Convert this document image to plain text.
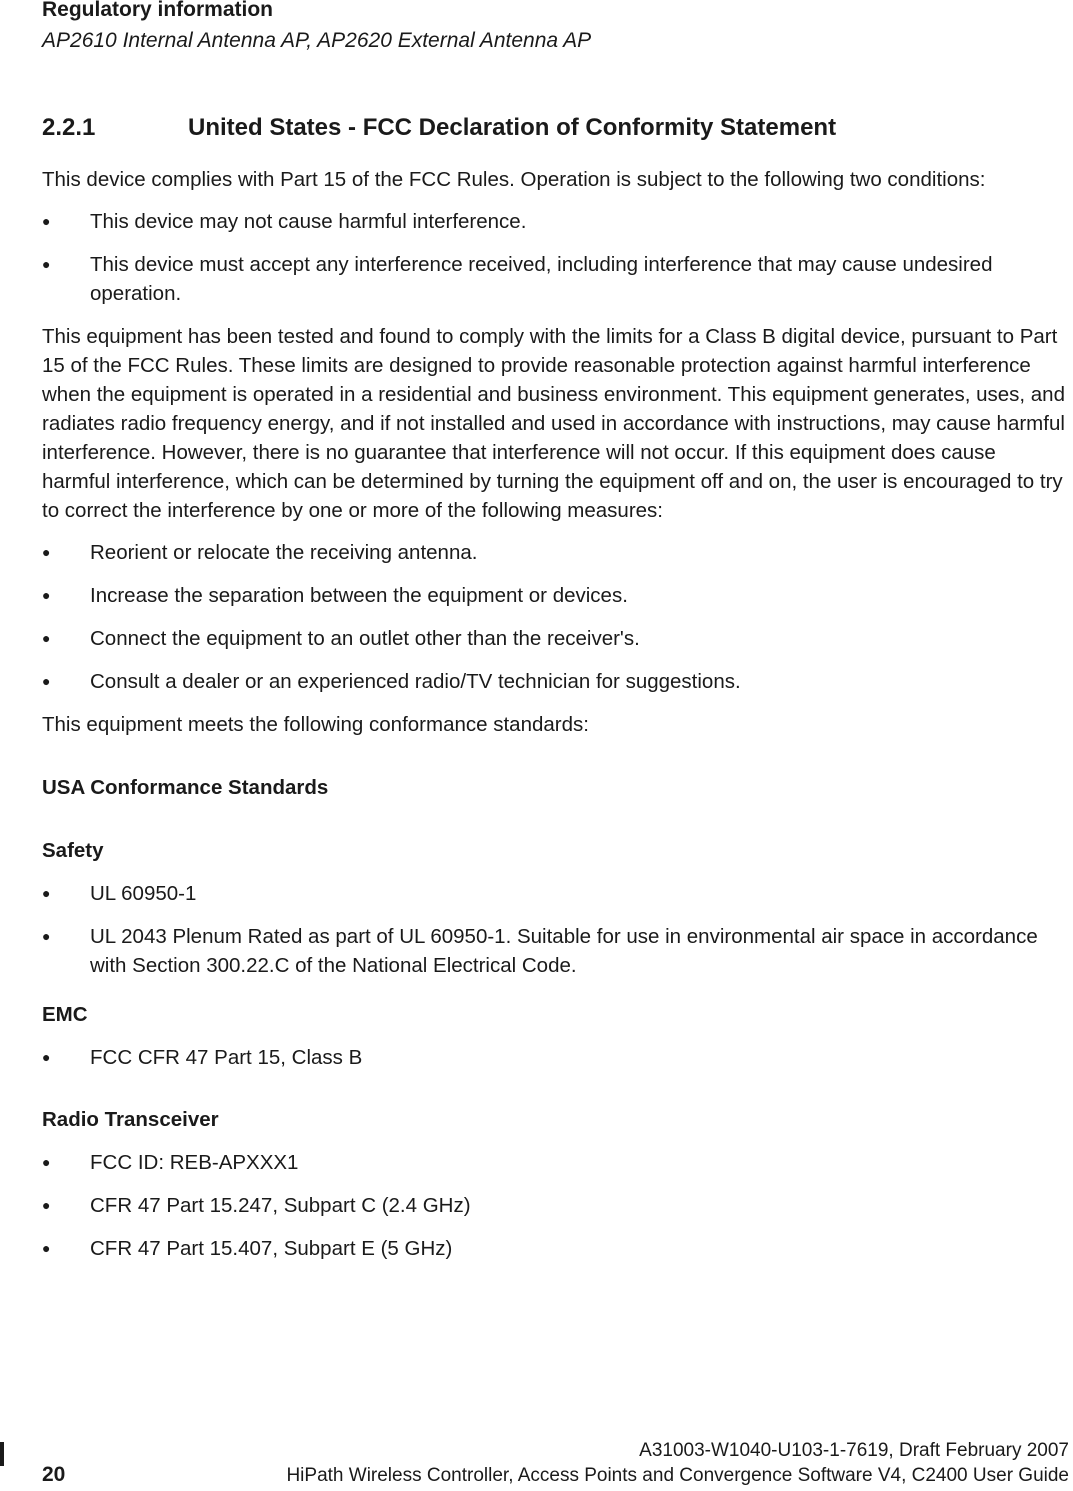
Regulatory information
AP2610 Internal Antenna AP, AP2620 External Antenna AP
2.2.1	United States - FCC Declaration of Conformity Statement

This device complies with Part 15 of the FCC Rules. Operation is subject to the following two conditions:

●	This device may not cause harmful interference.
●	This device must accept any interference received, including interference that may cause undesired operation.

This equipment has been tested and found to comply with the limits for a Class B digital device, pursuant to Part 15 of the FCC Rules. These limits are designed to provide reasonable protection against harmful interference when the equipment is operated in a residential and business environment. This equipment generates, uses, and radiates radio frequency energy, and if not installed and used in accordance with instructions, may cause harmful interference. However, there is no guarantee that interference will not occur. If this equipment does cause harmful interference, which can be determined by turning the equipment off and on, the user is encouraged to try to correct the interference by one or more of the following measures:

●	Reorient or relocate the receiving antenna.
●	Increase the separation between the equipment or devices.
●	Connect the equipment to an outlet other than the receiver's.
●	Consult a dealer or an experienced radio/TV technician for suggestions.

This equipment meets the following conformance standards:

USA Conformance Standards

Safety

●	UL 60950-1
●	UL 2043 Plenum Rated as part of UL 60950-1. Suitable for use in environmental air space in accordance with Section 300.22.C of the National Electrical Code.

EMC

●	FCC CFR 47 Part 15, Class B

Radio Transceiver

●	FCC ID: REB-APXXX1
●	CFR 47 Part 15.247, Subpart C (2.4 GHz)
●	CFR 47 Part 15.407, Subpart E (5 GHz)
A31003-W1040-U103-1-7619, Draft February 2007
20	HiPath Wireless Controller, Access Points and Convergence Software V4, C2400 User Guide
